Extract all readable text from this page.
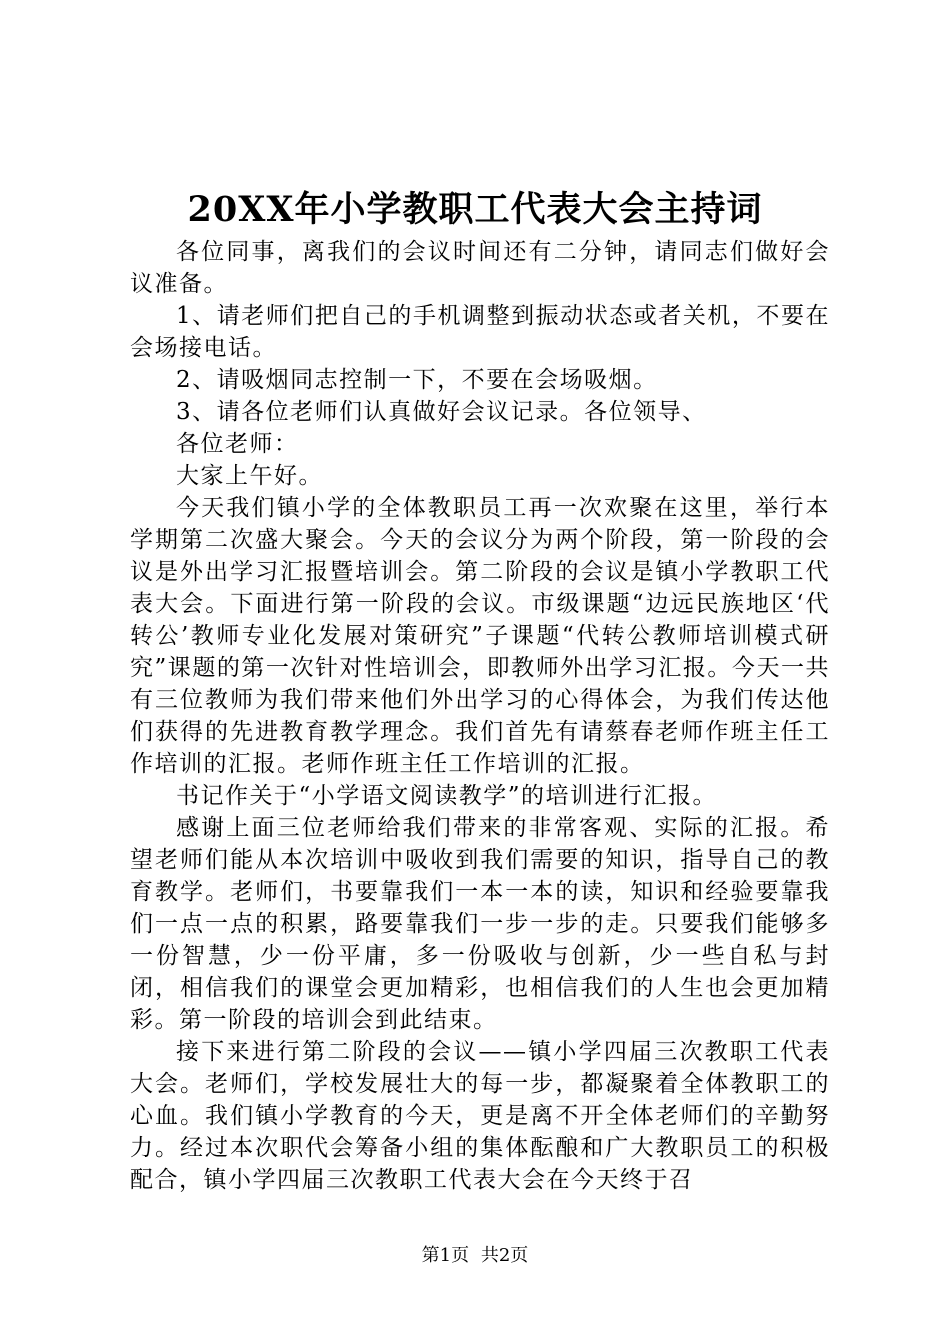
20XX年小学教职工代表大会主持词

各位同事，离我们的会议时间还有二分钟，请同志们做好会议准备。

1、请老师们把自己的手机调整到振动状态或者关机，不要在会场接电话。

2、请吸烟同志控制一下，不要在会场吸烟。

3、请各位老师们认真做好会议记录。各位领导、

各位老师：

大家上午好。

今天我们镇小学的全体教职员工再一次欢聚在这里，举行本学期第二次盛大聚会。今天的会议分为两个阶段，第一阶段的会议是外出学习汇报暨培训会。第二阶段的会议是镇小学教职工代表大会。下面进行第一阶段的会议。市级课题“边远民族地区‘代转公’教师专业化发展对策研究”子课题“代转公教师培训模式研究”课题的第一次针对性培训会，即教师外出学习汇报。今天一共有三位教师为我们带来他们外出学习的心得体会，为我们传达他们获得的先进教育教学理念。我们首先有请蔡春老师作班主任工作培训的汇报。老师作班主任工作培训的汇报。

书记作关于“小学语文阅读教学”的培训进行汇报。

感谢上面三位老师给我们带来的非常客观、实际的汇报。希望老师们能从本次培训中吸收到我们需要的知识，指导自己的教育教学。老师们，书要靠我们一本一本的读，知识和经验要靠我们一点一点的积累，路要靠我们一步一步的走。只要我们能够多一份智慧，少一份平庸，多一份吸收与创新，少一些自私与封闭，相信我们的课堂会更加精彩，也相信我们的人生也会更加精彩。第一阶段的培训会到此结束。

接下来进行第二阶段的会议——镇小学四届三次教职工代表大会。老师们，学校发展壮大的每一步，都凝聚着全体教职工的心血。我们镇小学教育的今天，更是离不开全体老师们的辛勤努力。经过本次职代会筹备小组的集体酝酿和广大教职员工的积极配合，镇小学四届三次教职工代表大会在今天终于召

第1页 共2页
